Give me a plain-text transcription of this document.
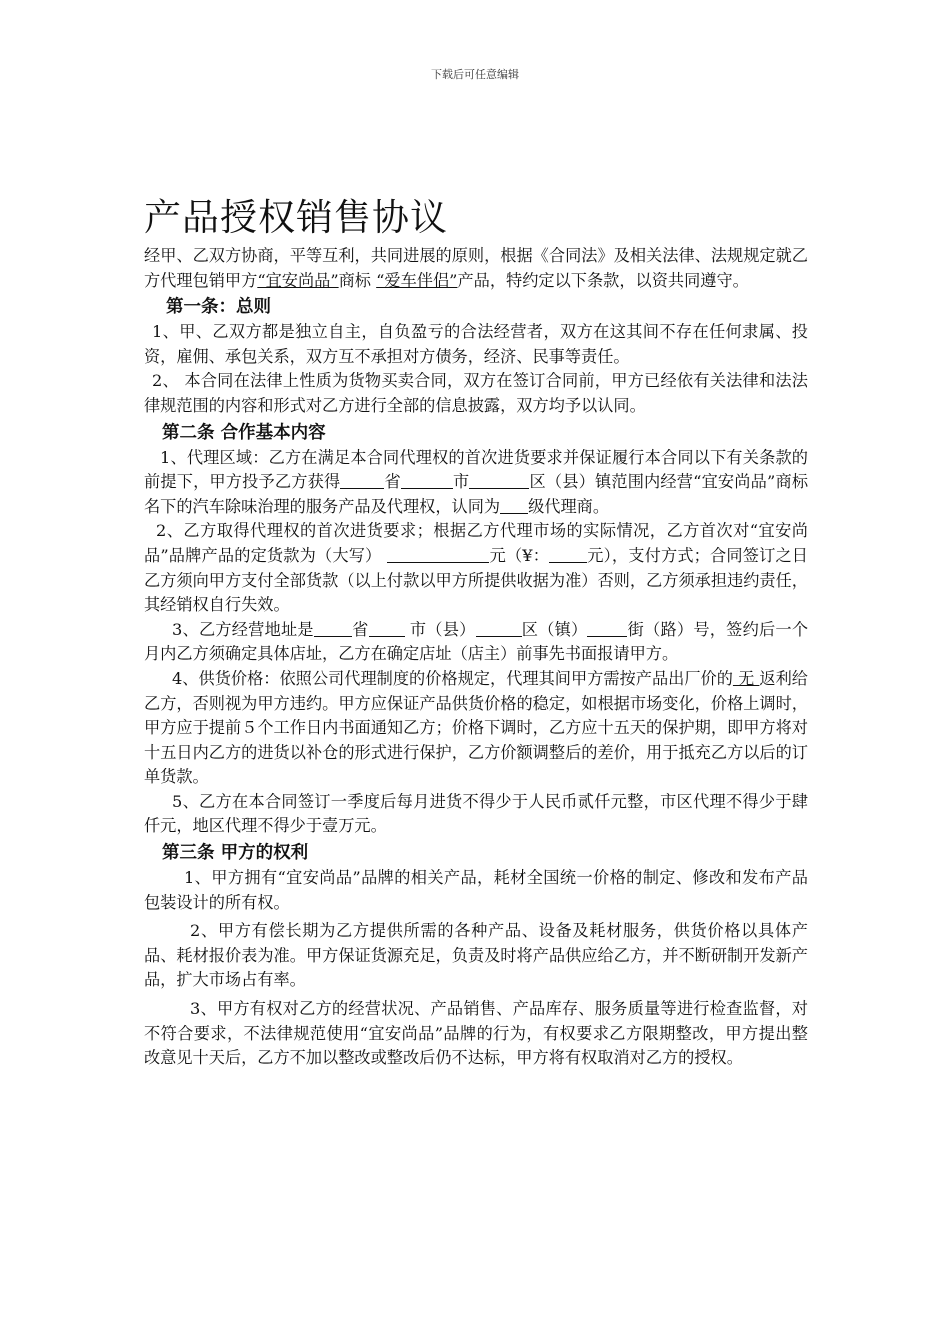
下载后可任意编辑
产品授权销售协议

经甲、乙双方协商，平等互利，共同进展的原则，根据《合同法》及相关法律、法规规定就乙方代理包销甲方“宜安尚品”商标 “爱车伴侣”产品，特约定以下条款，以资共同遵守。

第一条：总则

1、甲、乙双方都是独立自主，自负盈亏的合法经营者，双方在这其间不存在任何隶属、投资，雇佣、承包关系，双方互不承担对方债务，经济、民事等责任。

2、 本合同在法律上性质为货物买卖合同，双方在签订合同前，甲方已经依有关法律和法法律规范围的内容和形式对乙方进行全部的信息披露，双方均予以认同。

第二条 合作基本内容

1、代理区域：乙方在满足本合同代理权的首次进货要求并保证履行本合同以下有关条款的前提下，甲方投予乙方获得	省	市	区（县）镇范围内经营“宜安尚品”商标名下的汽车除味治理的服务产品及代理权，认同为 级代理商。

2、乙方取得代理权的首次进货要求；根据乙方代理市场的实际情况，乙方首次对“宜安尚品”品牌产品的定货款为（大写）	元（¥： 元），支付方式；合同签订之日乙方须向甲方支付全部货款（以上付款以甲方所提供收据为准）否则，乙方须承担违约责任，其经销权自行失效。

3、乙方经营地址是 省 市（县）	区（镇） 街（路）号，签约后一个月内乙方须确定具体店址，乙方在确定店址（店主）前事先书面报请甲方。

4、供货价格：依照公司代理制度的价格规定，代理其间甲方需按产品出厂价的 无 返利给乙方，否则视为甲方违约。甲方应保证产品供货价格的稳定，如根据市场变化，价格上调时，甲方应于提前５个工作日内书面通知乙方；价格下调时，乙方应十五天的保护期，即甲方将对十五日内乙方的进货以补仓的形式进行保护，乙方价额调整后的差价，用于抵充乙方以后的订单货款。

5、乙方在本合同签订一季度后每月进货不得少于人民币贰仟元整，市区代理不得少于肆仟元，地区代理不得少于壹万元。

第三条 甲方的权利

1、甲方拥有“宜安尚品”品牌的相关产品，耗材全国统一价格的制定、修改和发布产品包装设计的所有权。

2、甲方有偿长期为乙方提供所需的各种产品、设备及耗材服务，供货价格以具体产品、耗材报价表为准。甲方保证货源充足，负责及时将产品供应给乙方，并不断研制开发新产品，扩大市场占有率。

3、甲方有权对乙方的经营状况、产品销售、产品库存、服务质量等进行检查监督，对不符合要求，不法律规范使用“宜安尚品”品牌的行为，有权要求乙方限期整改，甲方提出整改意见十天后，乙方不加以整改或整改后仍不达标，甲方将有权取消对乙方的授权。
